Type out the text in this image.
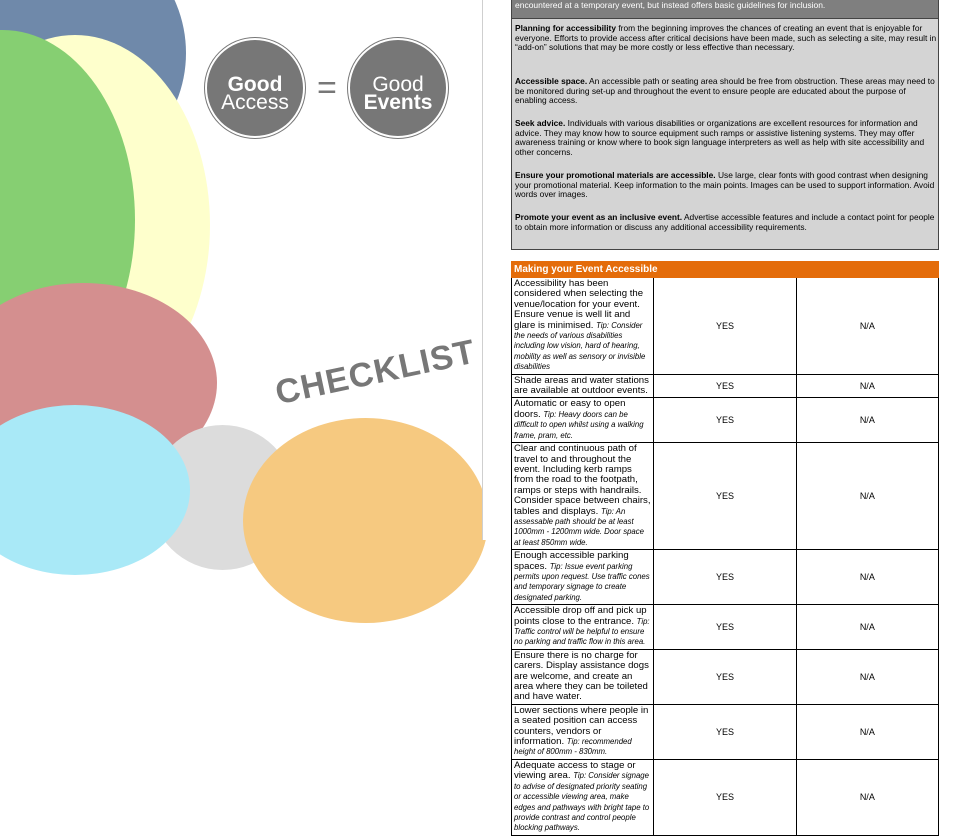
Good
Access =	Good
Events
CHECKLIST
encountered at a temporary event, but instead offers basic guidelines for inclusion.
Planning for accessibility from the beginning improves the chances of creating an event that is enjoyable for everyone. Efforts to provide access after critical decisions have been made, such as selecting a site, may result in “add-on” solutions that may be more costly or less effective than necessary.
Accessible space. An accessible path or seating area should be free from obstruction. These areas may need to be monitored during set-up and throughout the event to ensure people are educated about the purpose of enabling access.
Seek advice. Individuals with various disabilities or organizations are excellent resources for information and advice. They may know how to source equipment such ramps or assistive listening systems. They may offer awareness training or know where to book sign language interpreters as well as help with site accessibility and other concerns.
Ensure your promotional materials are accessible. Use large, clear fonts with good contrast when designing your promotional material. Keep information to the main points. Images can be used to support information. Avoid words over images.
Promote your event as an inclusive event. Advertise accessible features and include a contact point for people to obtain more information or discuss any additional accessibility requirements.
Making your Event Accessible		
Accessibility has been considered when selecting the venue/location for your event. Ensure venue is well lit and glare is minimised. Tip: Consider the needs of various disabilities including low vision, hard of hearing, mobility as well as sensory or invisible disabilities	YES	N/A
Shade areas and water stations are available at outdoor events.	YES	N/A
Automatic or easy to open doors. Tip: Heavy doors can be difficult to open whilst using a walking frame, pram, etc.	YES	N/A
Clear and continuous path of travel to and throughout the event. Including kerb ramps from the road to the footpath, ramps or steps with handrails. Consider space between chairs, tables and displays. Tip: An assessable path should be at least 1000mm - 1200mm wide. Door space at least 850mm wide.	YES	N/A
Enough accessible parking spaces. Tip: Issue event parking permits upon request. Use traffic cones and temporary signage to create designated parking.	YES	N/A
Accessible drop off and pick up points close to the entrance. Tip: Traffic control will be helpful to ensure no parking and traffic flow in this area.	YES	N/A
Ensure there is no charge for carers. Display assistance dogs are welcome, and create an area where they can be toileted and have water.	YES	N/A
Lower sections where people in a seated position can access counters, vendors or information. Tip: recommended height of 800mm - 830mm.	YES	N/A
Adequate access to stage or viewing area. Tip: Consider signage to advise of designated priority seating or accessible viewing area, make edges and pathways with bright tape to provide contrast and control people blocking pathways.	YES	N/A
